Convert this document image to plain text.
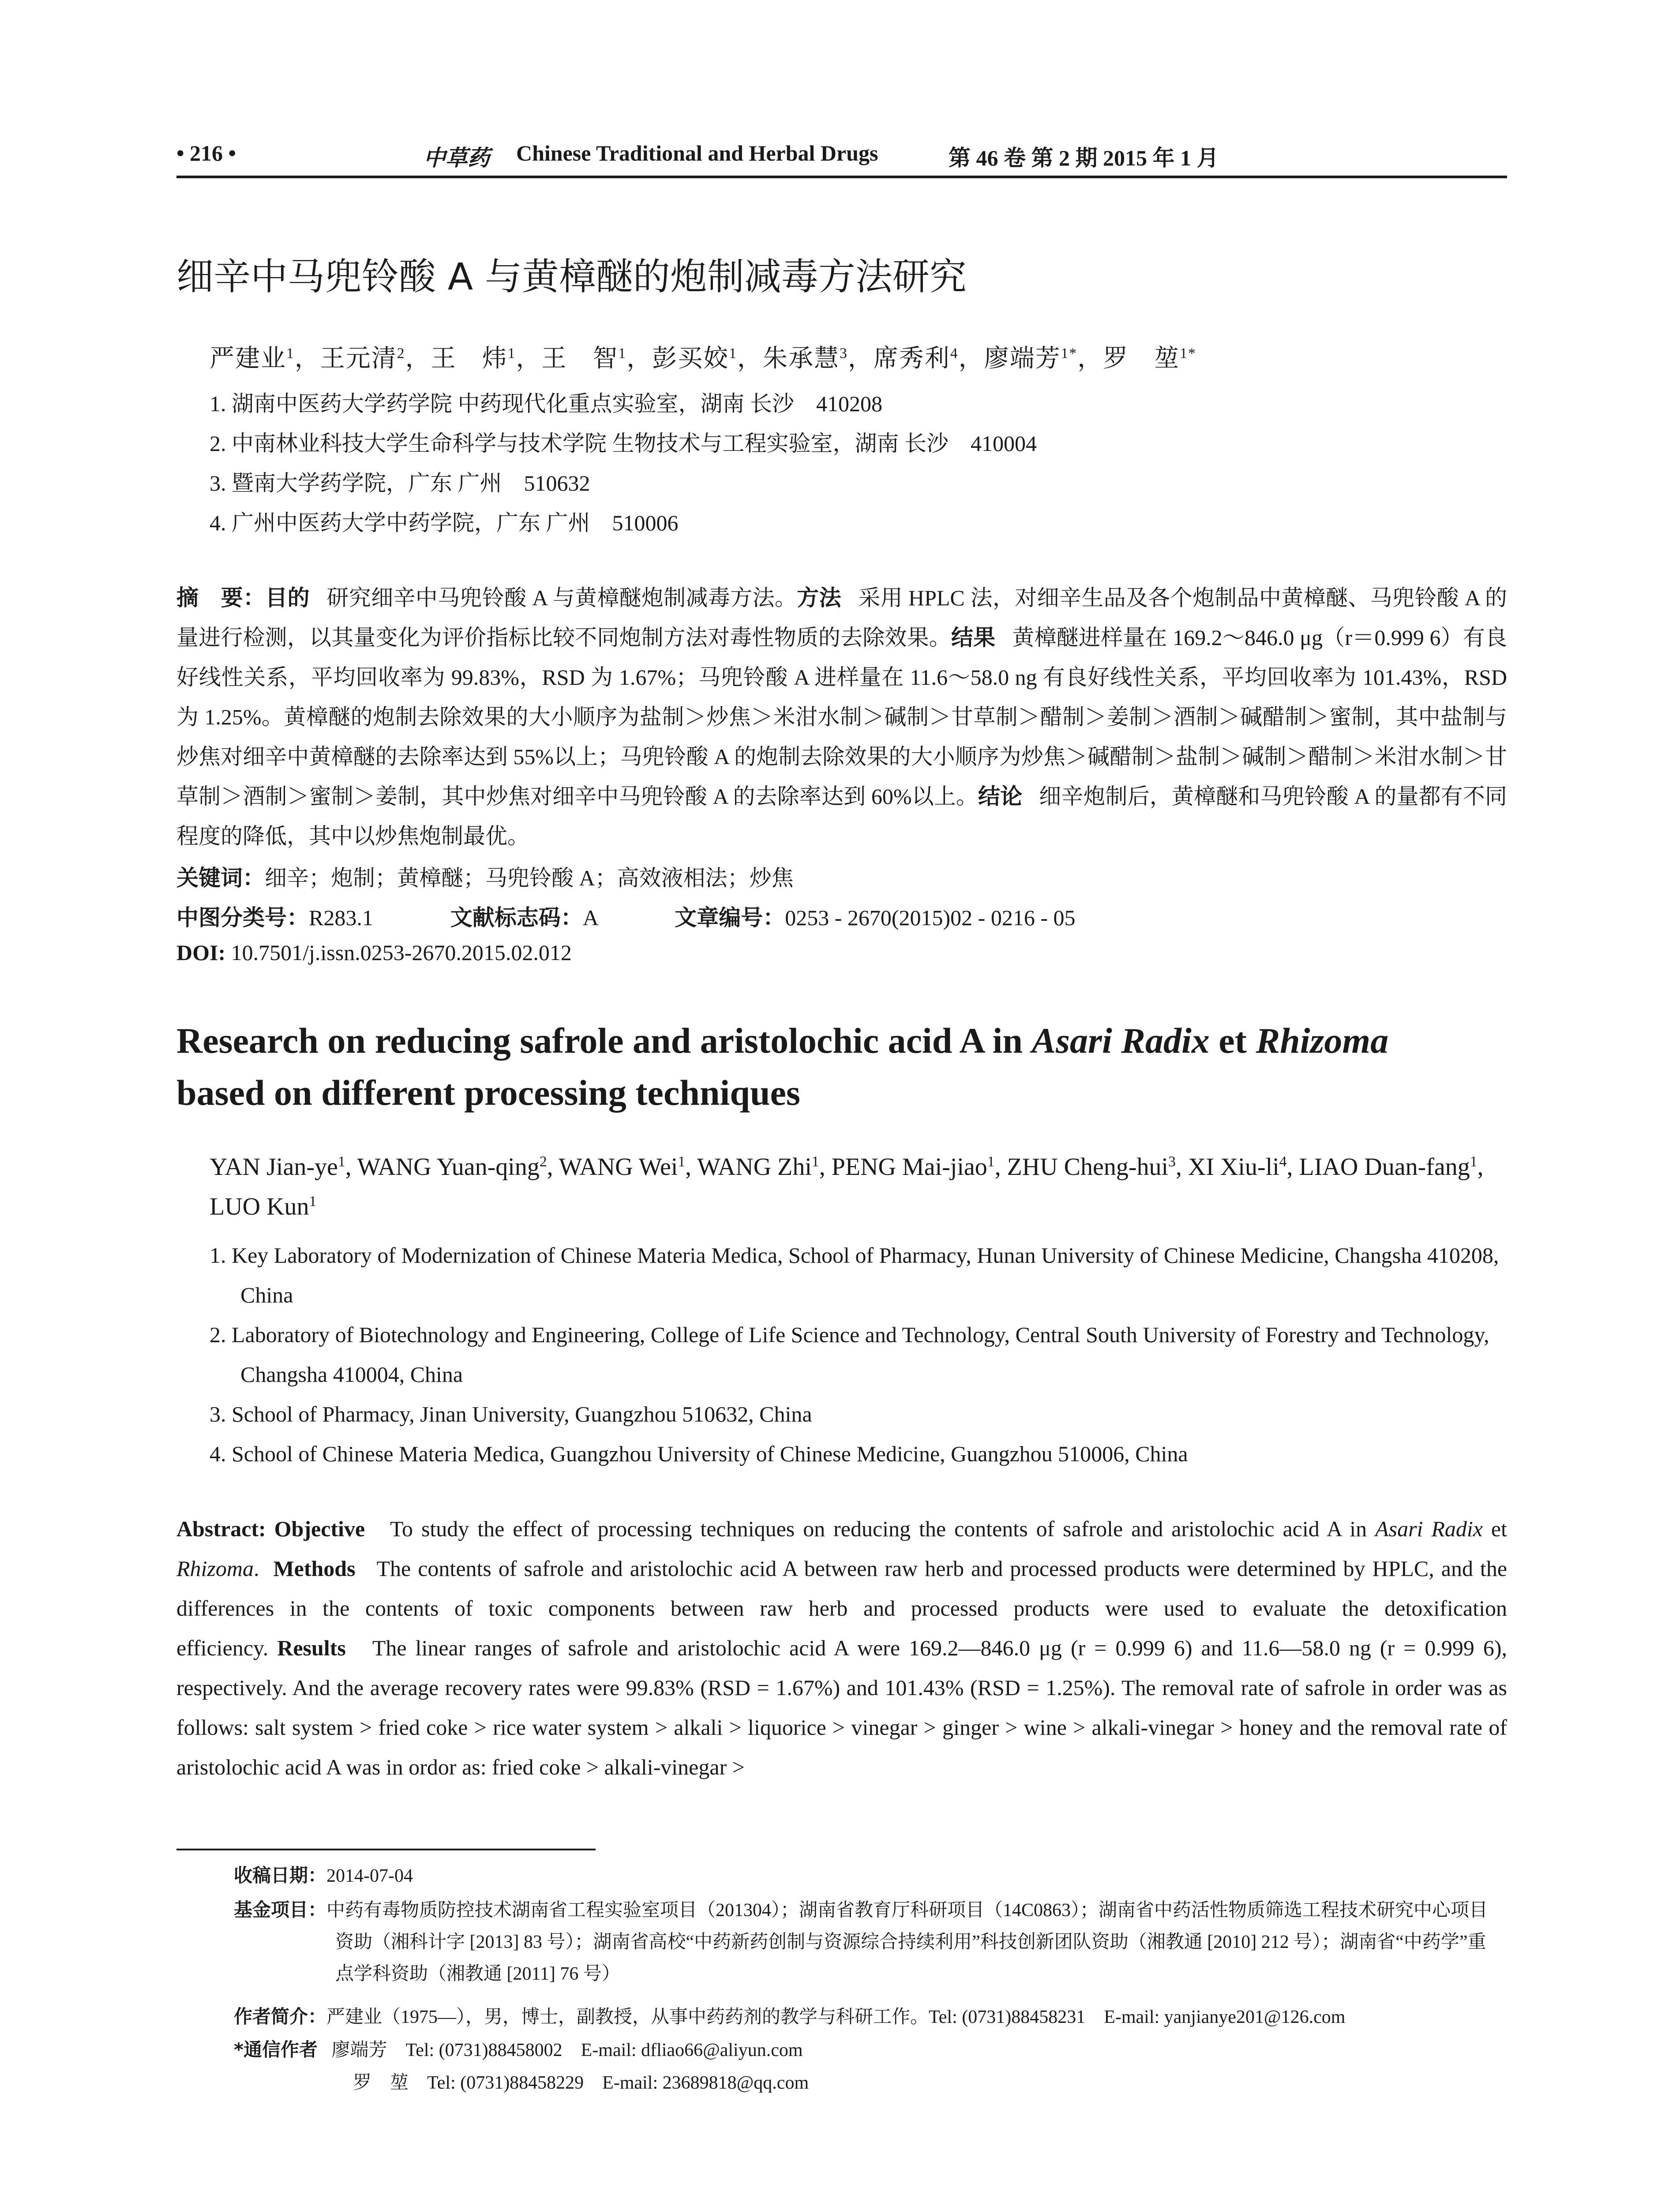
• 216 •	中草药 Chinese Traditional and Herbal Drugs	第 46 卷 第 2 期 2015 年 1 月
细辛中马兜铃酸 A 与黄樟醚的炮制减毒方法研究
严建业$^1$，王元清$^2$，王　炜$^1$，王　智$^1$，彭买姣$^1$，朱承慧$^3$，席秀利$^4$，廖端芳$^{1*}$，罗　堃$^{1*}$
1. 湖南中医药大学药学院 中药现代化重点实验室，湖南 长沙　410208
2. 中南林业科技大学生命科学与技术学院 生物技术与工程实验室，湖南 长沙　410004
3. 暨南大学药学院，广东 广州　510632
4. 广州中医药大学中药学院，广东 广州　510006
摘　要：目的 研究细辛中马兜铃酸 A 与黄樟醚炮制减毒方法。方法 采用 HPLC 法，对细辛生品及各个炮制品中黄樟醚、马兜铃酸 A 的量进行检测，以其量变化为评价指标比较不同炮制方法对毒性物质的去除效果。结果 黄樟醚进样量在 169.2～846.0 μg（r＝0.999 6）有良好线性关系，平均回收率为 99.83%，RSD 为 1.67%；马兜铃酸 A 进样量在 11.6～58.0 ng 有良好线性关系，平均回收率为 101.43%，RSD 为 1.25%。黄樟醚的炮制去除效果的大小顺序为盐制＞炒焦＞米泔水制＞碱制＞甘草制＞醋制＞姜制＞酒制＞碱醋制＞蜜制，其中盐制与炒焦对细辛中黄樟醚的去除率达到 55%以上；马兜铃酸 A 的炮制去除效果的大小顺序为炒焦＞碱醋制＞盐制＞碱制＞醋制＞米泔水制＞甘草制＞酒制＞蜜制＞姜制，其中炒焦对细辛中马兜铃酸 A 的去除率达到 60%以上。结论 细辛炮制后，黄樟醚和马兜铃酸 A 的量都有不同程度的降低，其中以炒焦炮制最优。
关键词：细辛；炮制；黄樟醚；马兜铃酸 A；高效液相法；炒焦
中图分类号：R283.1	文献标志码：A	文章编号：0253 - 2670(2015)02 - 0216 - 05
DOI: 10.7501/j.issn.0253-2670.2015.02.012
Research on reducing safrole and aristolochic acid A in Asari Radix et Rhizoma
based on different processing techniques
YAN Jian-$ye^1$, WANG Yuan-qing$^2$, WANG Wei$^1$, WANG Zhi$^1$, PENG Mai-jiao$^1$, ZHU Cheng-hui$^3$, XI Xiu-$li^4$, LIAO Duan-fang$^1$, LUO Kun$^1$
1. Key Laboratory of Modernization of Chinese Materia Medica, School of Pharmacy, Hunan University of Chinese Medicine, Changsha 410208, China
2. Laboratory of Biotechnology and Engineering, College of Life Science and Technology, Central South University of Forestry and Technology, Changsha 410004, China
3. School of Pharmacy, Jinan University, Guangzhou 510632, China
4. School of Chinese Materia Medica, Guangzhou University of Chinese Medicine, Guangzhou 510006, China
Abstract: Objective To study the effect of processing techniques on reducing the contents of safrole and aristolochic acid A in Asari Radix et Rhizoma. Methods The contents of safrole and aristolochic acid A between raw herb and processed products were determined by HPLC, and the differences in the contents of toxic components between raw herb and processed products were used to evaluate the detoxification efficiency. Results The linear ranges of safrole and aristolochic acid A were 169.2—846.0 μg (r = 0.999 6) and 11.6—58.0 ng (r = 0.999 6), respectively. And the average recovery rates were 99.83% (RSD = 1.67%) and 101.43% (RSD = 1.25%). The removal rate of safrole in order was as follows: salt system > fried coke > rice water system > alkali > liquorice > vinegar > ginger > wine > alkali-vinegar > honey and the removal rate of aristolochic acid A was in ordor as: fried coke > alkali-vinegar >
收稿日期：2014-07-04
基金项目：中药有毒物质防控技术湖南省工程实验室项目（201304）；湖南省教育厅科研项目（14C0863）；湖南省中药活性物质筛选工程技术研究中心项目资助（湘科计字 [2013] 83 号）；湖南省高校“中药新药创制与资源综合持续利用”科技创新团队资助（湘教通 [2010] 212 号）；湖南省“中药学”重点学科资助（湘教通 [2011] 76 号）
作者简介：严建业（1975—），男，博士，副教授，从事中药药剂的教学与科研工作。Tel: (0731)88458231　E-mail: yanjianye201@126.com
*通信作者 廖端芳　Tel: (0731)88458002　E-mail: dfliao66@aliyun.com
罗　堃　Tel: (0731)88458229　E-mail: 23689818@qq.com
